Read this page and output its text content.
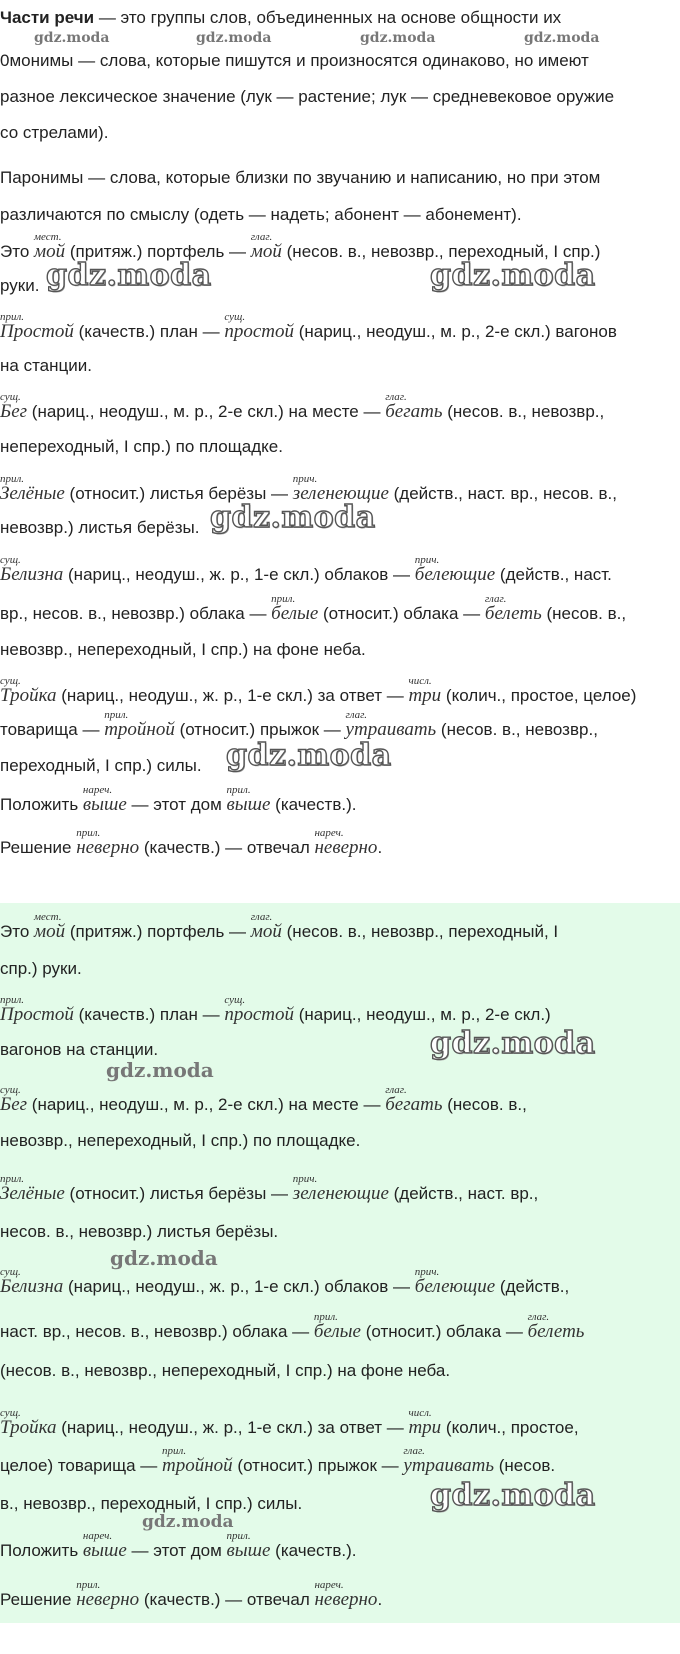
Части речи — это группы слов, объединенных на основе общности их
gdz.moda	gdz.moda	gdz.moda	gdz.moda
0монимы — слова, которые пишутся и произносятся одинаково, но имеют
разное лексическое значение (лук — растение; лук — средневековое оружие
со стрелами).
Паронимы — слова, которые близки по звучанию и написанию, но при этом
различаются по смыслу (одеть — надеть; абонент — абонемент).
Это
мест.
мой (притяж.) портфель —
глаг.
мой (несов. в., невозвр., переходный, I спр.)
руки. gdz.moda	gdz.moda
прил.
Простой (качеств.) план —
сущ.
простой (нариц., неодуш., м. р., 2-е скл.) вагонов
на станции.
сущ.
Бег (нариц., неодуш., м. р., 2-е скл.) на месте —
глаг.
бегать (несов. в., невозвр.,
непереходный, I спр.) по площадке.
прил.
Зелёные (относит.) листья берёзы —
прич.
зеленеющие (действ., наст. вр., несов. в.,
невозвр.) листья берёзы. gdz.moda
сущ.
Белизна (нариц., неодуш., ж. р., 1-е скл.) облаков —
прич.
белеющие (действ., наст.
вр., несов. в., невозвр.) облака —
прил.
белые (относит.) облака —
глаг.
белеть (несов. в.,
невозвр., непереходный, I спр.) на фоне неба.
сущ.
Тройка (нариц., неодуш., ж. р., 1-е скл.) за ответ —
числ.
три (колич., простое, целое)
товарища —
прил.
тройной (относит.) прыжок —
глаг.
утраивать (несов. в., невозвр.,
переходный, I спр.) силы. gdz.moda
Положить
нареч.
выше — этот дом
прил.
выше (качеств.).
Решение
прил.
неверно (качеств.) — отвечал
нареч.
неверно.
Это
мест.
мой (притяж.) портфель —
глаг.
мой (несов. в., невозвр., переходный, I
спр.) руки.
прил.
Простой (качеств.) план —
сущ.
простой (нариц., неодуш., м. р., 2-е скл.)
вагонов на станции.	gdz.moda
gdz.moda
сущ.
Бег (нариц., неодуш., м. р., 2-е скл.) на месте —
глаг.
бегать (несов. в.,
невозвр., непереходный, I спр.) по площадке.
прил.
Зелёные (относит.) листья берёзы —
прич.
зеленеющие (действ., наст. вр.,
несов. в., невозвр.) листья берёзы.
gdz.moda
сущ.
Белизна (нариц., неодуш., ж. р., 1-е скл.) облаков —
прич.
белеющие (действ.,
наст. вр., несов. в., невозвр.) облака —
прил.
белые (относит.) облака —
глаг.
белеть
(несов. в., невозвр., непереходный, I спр.) на фоне неба.
сущ.
Тройка (нариц., неодуш., ж. р., 1-е скл.) за ответ —
числ.
три (колич., простое,
целое) товарища —
прил.
тройной (относит.) прыжок —
глаг.
утраивать (несов.
в., невозвр., переходный, I спр.) силы.	gdz.moda
gdz.moda
Положить
нареч.
выше — этот дом
прил.
выше (качеств.).
Решение
прил.
неверно (качеств.) — отвечал
нареч.
неверно.
